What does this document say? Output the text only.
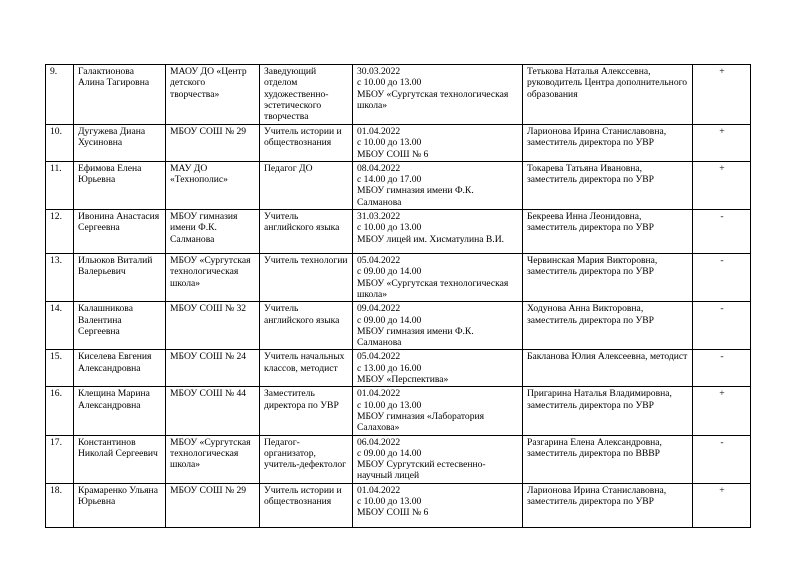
9.	Галактионова Алина Тагировна	МАОУ ДО «Центр детского творчества»	Заведующий отделом художественно-эстетического творчества	30.03.2022
с 10.00 до 13.00
МБОУ «Сургутская технологическая школа»	Тетькова Наталья Алекссевна, руководитель Центра дополнительного образования	+
10.	Дугужева Диана Хусиновна	МБОУ СОШ № 29	Учитель истории и обществознания	01.04.2022
с 10.00 до 13.00
МБОУ СОШ № 6	Ларионова Ирина Станиславовна, заместитель директора по УВР	+
11.	Ефимова Елена Юрьевна	МАУ ДО «Технополис»	Педагог ДО	08.04.2022
с 14.00 до 17.00
МБОУ гимназия имени Ф.К. Салманова	Токарева Татьяна Ивановна, заместитель директора по УВР	+
12.	Ивонина Анастасия Сергеевна	МБОУ гимназия имени Ф.К. Салманова	Учитель английского языка	31.03.2022
с 10.00 до 13.00
МБОУ лицей им. Хисматулина В.И.	Бекреева Инна Леонидовна, заместитель директора по УВР	-
13.	Ильюков Виталий Валерьевич	МБОУ «Сургутская технологическая школа»	Учитель технологии	05.04.2022
с 09.00 до 14.00
МБОУ «Сургутская технологическая школа»	Червинская Мария Викторовна, заместитель директора по УВР	-
14.	Калашникова Валентина Сергеевна	МБОУ СОШ № 32	Учитель английского языка	09.04.2022
с 09.00 до 14.00
МБОУ гимназия имени Ф.К. Салманова	Ходунова Анна Викторовна, заместитель директора по УВР	-
15.	Киселева Евгения Александровна	МБОУ СОШ № 24	Учитель начальных классов, методист	05.04.2022
с 13.00 до 16.00
МБОУ «Перспектива»	Бакланова Юлия Алексеевна, методист	-
16.	Клещина Марина Александровна	МБОУ СОШ № 44	Заместитель директора по УВР	01.04.2022
с 10.00 до 13.00
МБОУ гимназия «Лаборатория Салахова»	Пригарина Наталья Владимировна, заместитель директора по УВР	+
17.	Константинов Николай Сергеевич	МБОУ «Сургутская технологическая школа»	Педагог-организатор, учитель-дефектолог	06.04.2022
с 09.00 до 14.00
МБОУ Сургутский естесвенно-научный лицей	Разгарина Елена Александровна, заместитель директора по ВВВР	-
18.	Крамаренко Ульяна Юрьевна	МБОУ СОШ № 29	Учитель истории и обществознания	01.04.2022
с 10.00 до 13.00
МБОУ СОШ № 6	Ларионова Ирина Станиславовна, заместитель директора по УВР	+
